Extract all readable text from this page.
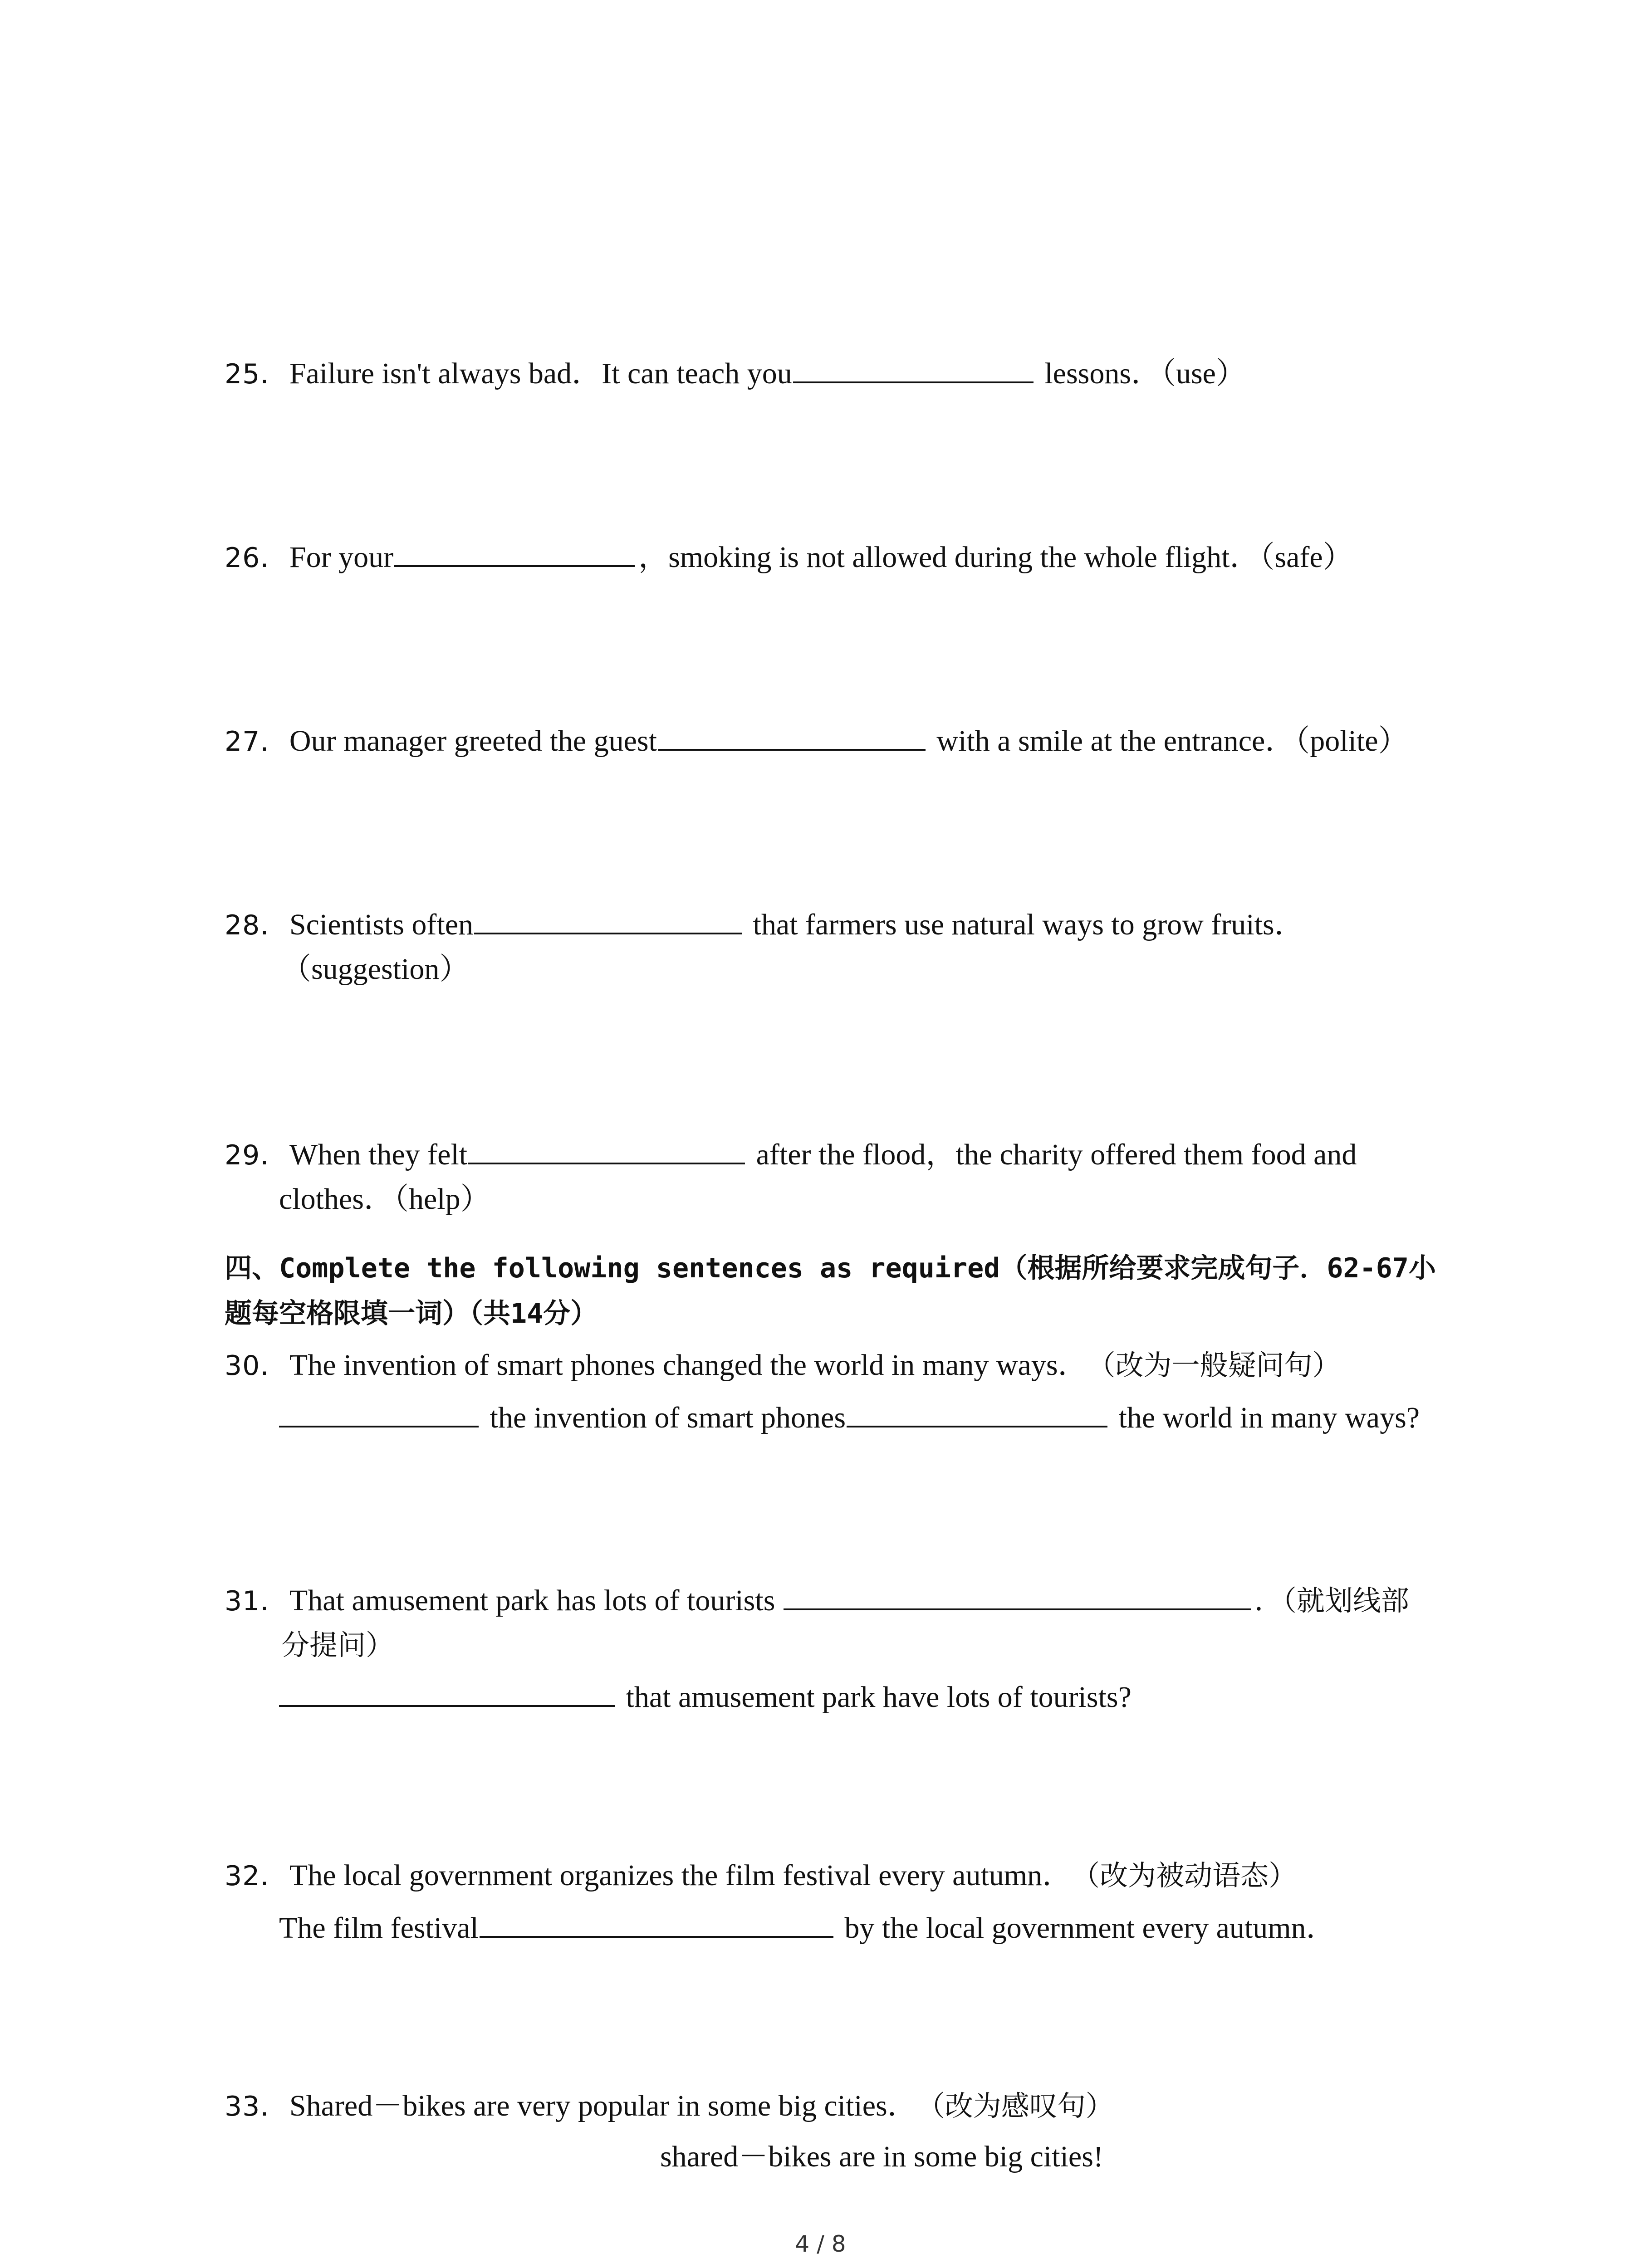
25. Failure isn't always bad．It can teach you	lessons．（use）
26. For your	，smoking is not allowed during the whole flight．（safe）
27. Our manager greeted the guest	with a smile at the entrance．（polite）
28. Scientists often	that farmers use natural ways to grow fruits．
（suggestion）
29. When they felt	after the flood，the charity offered them food and
clothes．（help）
四、Complete the following sentences as required（根据所给要求完成句子．62-67小
题每空格限填一词）（共14分）
30. The invention of smart phones changed the world in many ways． （改为一般疑问句）
the invention of smart phones	the world in many ways?
31. That amusement park has lots of tourists	．（就划线部
分提问）
that amusement park have lots of tourists?
32. The local government organizes the film festival every autumn． （改为被动语态）
The film festival	by the local government every autumn．
33. Shared－bikes are very popular in some big cities． （改为感叹句）
shared－bikes are in some big cities!
4 / 8
